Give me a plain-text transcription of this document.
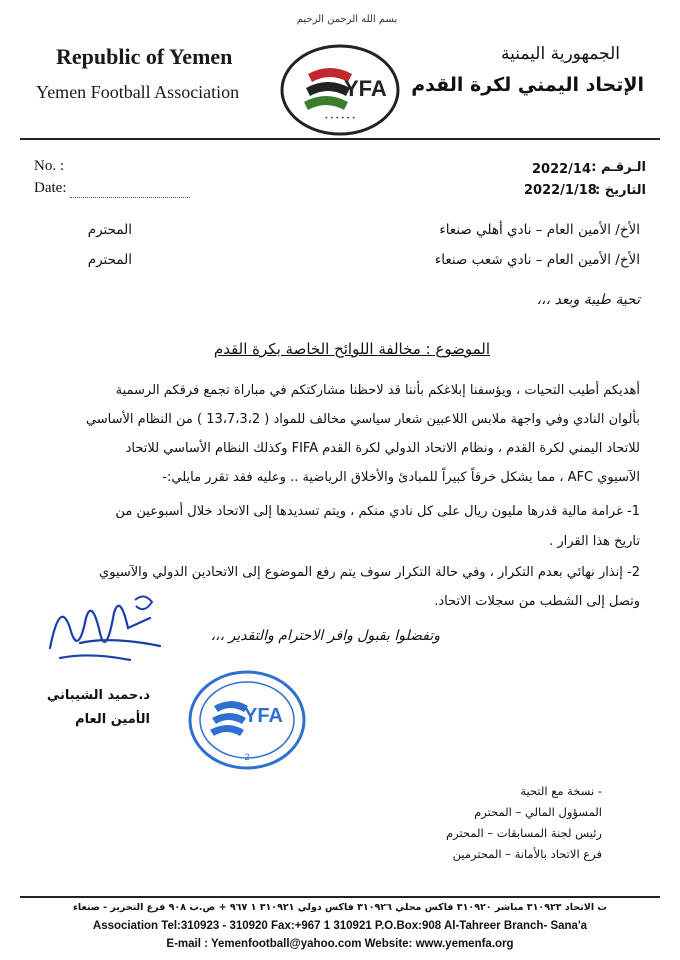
Republic of Yemen
Yemen Football Association
بسم الله الرحمن الرحيم
YFA
• • • • • •
الجمهورية اليمنية
الإتحاد اليمني لكرة القدم
No. :
Date:
2022/14
2022/1/18
الـرقـم :
التاريخ :
الأخ/ الأمين العام – نادي أهلي صنعاء
المحترم
الأخ/ الأمين العام – نادي شعب صنعاء
المحترم
تحية طيبة وبعد ،،،
الموضوع : مخالفة اللوائح الخاصة بكرة القدم
أهديكم أطيب التحيات ، ويؤسفنا إبلاغكم بأننا قد لاحظنا مشاركتكم في مباراة تجمع فرقكم الرسمية
بألوان النادي وفي واجهة ملابس اللاعبين شعار سياسي مخالف للمواد ( 13،7،3،2 ) من النظام الأساسي
للاتحاد اليمني لكرة القدم ، ونظام الاتحاد الدولي لكرة القدم FIFA وكذلك النظام الأساسي للاتحاد
الآسيوي AFC ، مما يشكل خرقاً كبيراً للمبادئ والأخلاق الرياضية .. وعليه فقد تقرر مايلي:-
1- غرامة مالية قدرها مليون ريال على كل نادي منكم ، ويتم تسديدها إلى الاتحاد خلال أسبوعين من
تاريخ هذا القرار .
2- إنذار نهائي بعدم التكرار ، وفي حالة التكرار سوف يتم رفع الموضوع إلى الاتحادين الدولي والآسيوي
وتصل إلى الشطب من سجلات الاتحاد.
وتفضلوا بقبول وافر الاحترام والتقدير ،،،
د.حميد الشيباني
الأمين العام	YFA
2
- نسخة مع التحية
المسؤول المالي – المحترم
رئيس لجنة المسابقات – المحترم
فرع الاتحاد بالأمانة – المحترمين
ت الاتحاد ٣١٠٩٢٣ مباشر ٣١٠٩٢٠ فاكس محلي ٣١٠٩٢٦ فاكس دولي ٣١٠٩٢١ ١ ٩٦٧ + ص.ب ٩٠٨ فرع التحرير - صنعاء
Association Tel:310923 - 310920 Fax:+967 1 310921 P.O.Box:908 Al-Tahreer Branch- Sana'a
E-mail : Yemenfootball@yahoo.com Website: www.yemenfa.org
